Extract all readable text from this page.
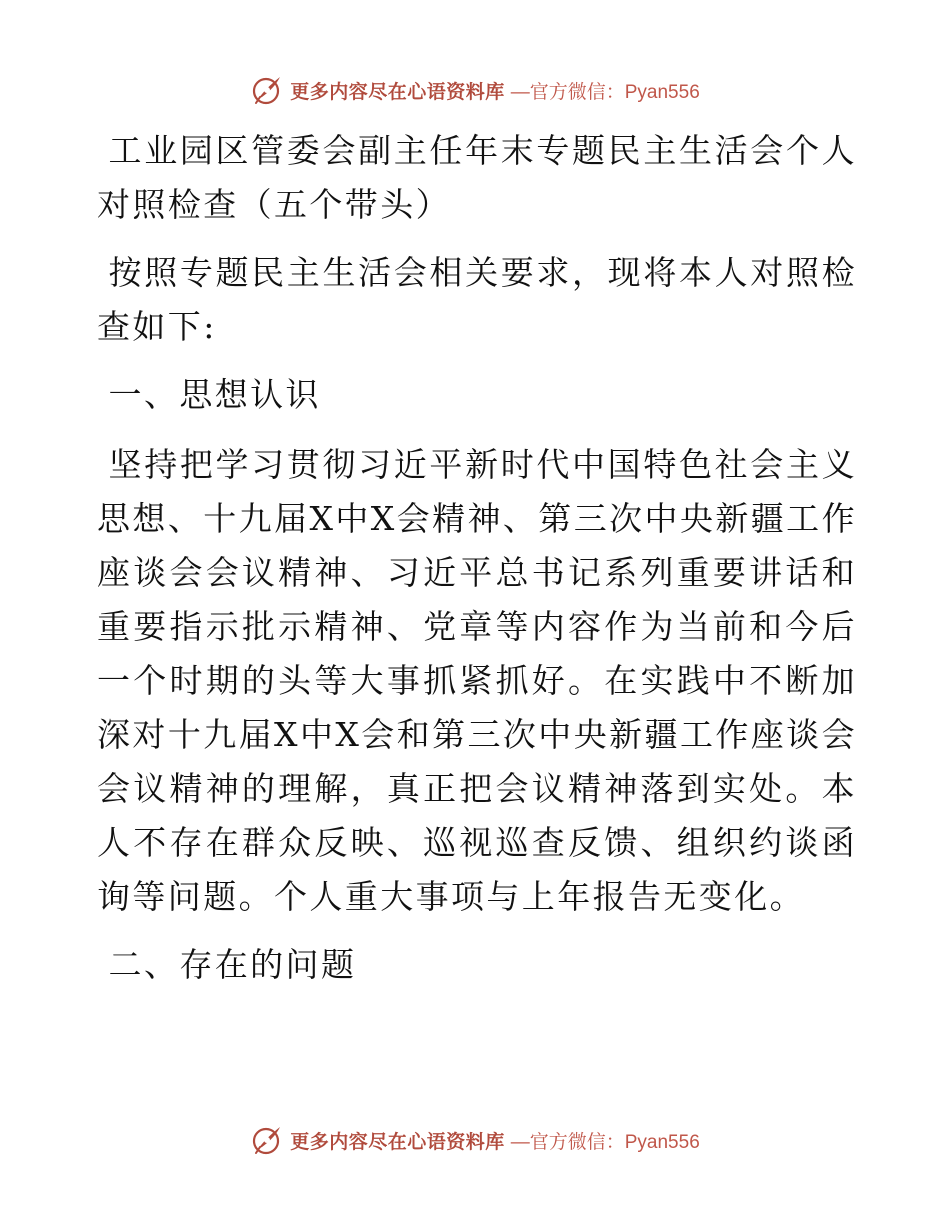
更多内容尽在心语资料库 —官方微信：Pyan556

工业园区管委会副主任年末专题民主生活会个人对照检查（五个带头）

按照专题民主生活会相关要求，现将本人对照检查如下:

一、思想认识

坚持把学习贯彻习近平新时代中国特色社会主义思想、十九届X中X会精神、第三次中央新疆工作座谈会会议精神、习近平总书记系列重要讲话和重要指示批示精神、党章等内容作为当前和今后一个时期的头等大事抓紧抓好。在实践中不断加深对十九届X中X会和第三次中央新疆工作座谈会会议精神的理解，真正把会议精神落到实处。本人不存在群众反映、巡视巡查反馈、组织约谈函询等问题。个人重大事项与上年报告无变化。

二、存在的问题

更多内容尽在心语资料库 —官方微信：Pyan556
